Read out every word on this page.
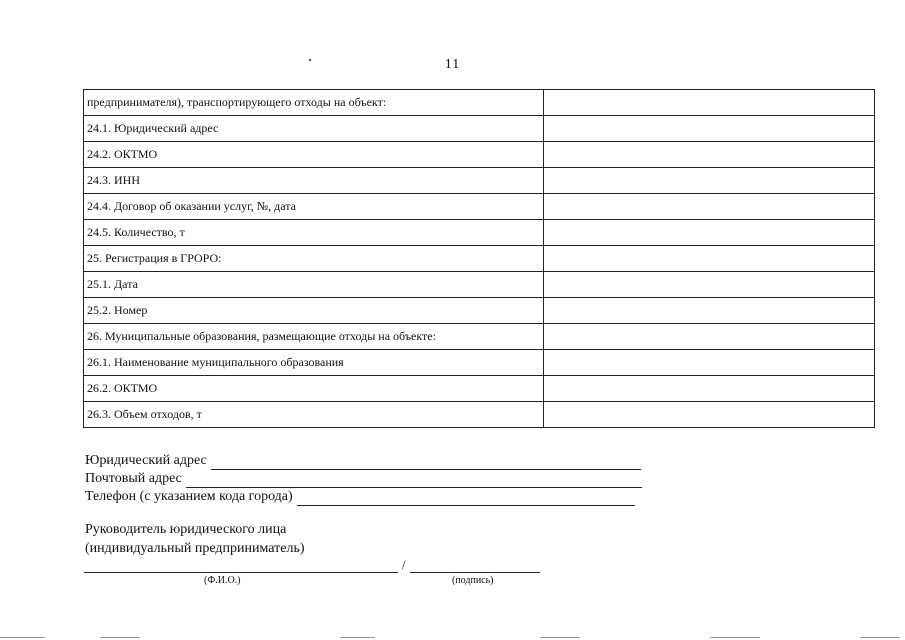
11
предпринимателя), транспортирующего отходы на объект:	
24.1. Юридический адрес	
24.2. ОКТМО	
24.3. ИНН	
24.4. Договор об оказании услуг, №, дата	
24.5. Количество, т	
25. Регистрация в ГРОРО:	
25.1. Дата	
25.2. Номер	
26. Муниципальные образования, размещающие отходы на объекте:	
26.1. Наименование муниципального образования	
26.2. ОКТМО	
26.3. Объем отходов, т	
Юридический адрес
Почтовый адрес
Телефон (с указанием кода города)
Руководитель юридического лица
(индивидуальный предприниматель)
/
(Ф.И.О.)	(подпись)
